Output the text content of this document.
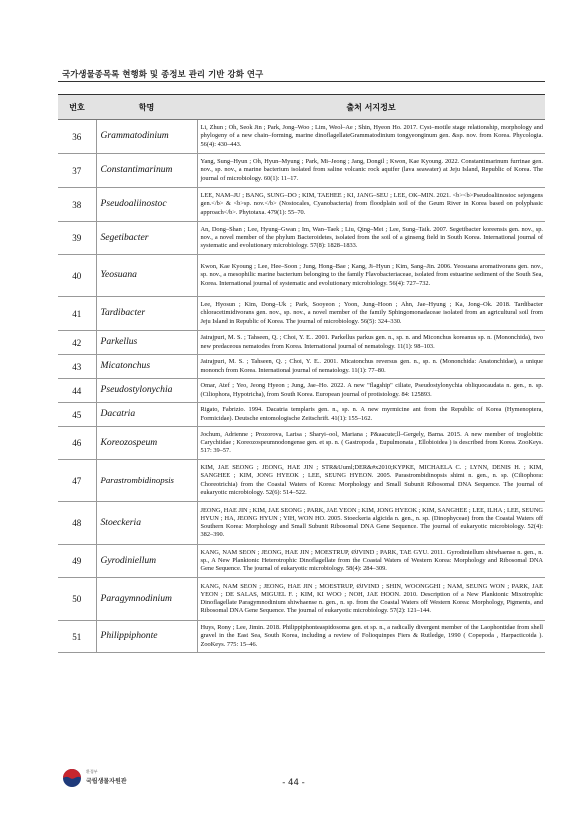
국가생물종목록 현행화 및 종정보 관리 기반 강화 연구
번호	학명	출처 서지정보
36	Grammatodinium	Li, Zhun ; Oh, Seok Jin ; Park, Jong–Woo ; Lim, Weol–Ae ; Shin, Hyeon Ho. 2017. Cyst–motile stage relationship, morphology and phylogeny of a new chain–forming, marine dinoflagellateGrammatodinium tongyeonginum gen. &sp. nov. from Korea. Phycologia. 56(4): 430–443.
37	Constantimarinum	Yang, Sung–Hyun ; Oh, Hyun–Myung ; Park, Mi–Jeong ; Jang, Dongil ; Kwon, Kae Kyoung. 2022. Constantimarinum furrinae gen. nov., sp. nov., a marine bacterium isolated from saline volcanic rock aquifer (lava seawater) at Jeju Island, Republic of Korea. The journal of microbiology. 60(1): 11–17.
38	Pseudoaliinostoc	LEE, NAM–JU ; BANG, SUNG–DO ; KIM, TAEHEE ; KI, JANG–SEU ; LEE, OK–MIN. 2021. <b><b>Pseudoaliinostoc sejongens gen.</b> & <b>sp. nov.</b> (Nostocales, Cyanobacteria) from floodplain soil of the Geum River in Korea based on polyphasic approach</b>. Phytotaxa. 479(1): 55–70.
39	Segetibacter	An, Dong–Shan ; Lee, Hyung–Gwan ; Im, Wan–Taek ; Liu, Qing–Mei ; Lee, Sung–Taik. 2007. Segetibacter koreensis gen. nov., sp. nov., a novel member of the phylum Bacteroidetes, isolated from the soil of a ginseng field in South Korea. International journal of systematic and evolutionary microbiology. 57(8): 1828–1833.
40	Yeosuana	Kwon, Kae Kyoung ; Lee, Hee–Soon ; Jung, Hong–Bae ; Kang, Ji–Hyun ; Kim, Sang–Jin. 2006. Yeosuana aromativorans gen. nov., sp. nov., a mesophilic marine bacterium belonging to the family Flavobacteriaceae, isolated from estuarine sediment of the South Sea, Korea. International journal of systematic and evolutionary microbiology. 56(4): 727–732.
41	Tardibacter	Lee, Hyosun ; Kim, Dong–Uk ; Park, Sooyeon ; Yoon, Jung–Hoon ; Ahn, Jae–Hyung ; Ka, Jong–Ok. 2018. Tardibacter chloracetimidivorans gen. nov., sp. nov., a novel member of the family Sphingomonadaceae isolated from an agricultural soil from Jeju Island in Republic of Korea. The journal of microbiology. 56(5): 324–330.
42	Parkellus	Jairajpuri, M. S. ; Tahseen, Q. ; Choi, Y. E.. 2001. Parkellus parkus gen. n., sp. n. and Miconchus koreanus sp. n. (Mononchida), two new predaceous nematodes from Korea. International journal of nematology. 11(1): 98–103.
43	Micatonchus	Jairajpuri, M. S. ; Tahseen, Q. ; Choi, Y. E.. 2001. Micatonchus reversus gen. n., sp. n. (Mononchida: Anatonchidae), a unique mononch from Korea. International journal of nematology. 11(1): 77–80.
44	Pseudostylonychia	Omar, Atef ; Yeo, Jeong Hyeon ; Jung, Jae–Ho. 2022. A new "flagship" ciliate, Pseudostylonychia obliquocaudata n. gen., n. sp. (Ciliophora, Hypotricha), from South Korea. European journal of protistology. 84: 125893.
45	Dacatria	Rigato, Fabrizio. 1994. Dacatria templaris gen. n., sp. n. A new myrmicine ant from the Republic of Korea (Hymenoptera, Formicidae). Deutsche entomologische Zeitschrift. 41(1): 155–162.
46	Koreozospeum	Jochum, Adrienne ; Prozorova, Larisa ; Sharyi–ool, Mariana ; P&aacute;ll–Gergely, Barna. 2015. A new member of troglobitic Carychiidae ; Koreozospeumnodongense gen. et sp. n. ( Gastropoda , Eupulmonata , Ellobioidea ) is described from Korea. ZooKeys. 517: 39–57.
47	Parastrombidinopsis	KIM, JAE SEONG ; JEONG, HAE JIN ; STR&Uuml;DER&#x2010;KYPKE, MICHAELA C. ; LYNN, DENIS H. ; KIM, SANGHEE ; KIM, JONG HYEOK ; LEE, SEUNG HYEON. 2005. Parastrombidinopsis shimi n. gen., n. sp. (Ciliophora: Choreotrichia) from the Coastal Waters of Korea: Morphology and Small Subunit Ribosomal DNA Sequence. The journal of eukaryotic microbiology. 52(6): 514–522.
48	Stoeckeria	JEONG, HAE JIN ; KIM, JAE SEONG ; PARK, JAE YEON ; KIM, JONG HYEOK ; KIM, SANGHEE ; LEE, ILHA ; LEE, SEUNG HYUN ; HA, JEONG HYUN ; YIH, WON HO. 2005. Stoeckeria algicida n. gen., n. sp. (Dinophyceae) from the Coastal Waters off Southern Korea: Morphology and Small Subunit Ribosomal DNA Gene Sequence. The journal of eukaryotic microbiology. 52(4): 382–390.
49	Gyrodiniellum	KANG, NAM SEON ; JEONG, HAE JIN ; MOESTRUP, ØJVIND ; PARK, TAE GYU. 2011. Gyrodiniellum shiwhaense n. gen., n. sp., A New Planktonic Heterotrophic Dinoflagellate from the Coastal Waters of Western Korea: Morphology and Ribosomal DNA Gene Sequence. The journal of eukaryotic microbiology. 58(4): 284–309.
50	Paragymnodinium	KANG, NAM SEON ; JEONG, HAE JIN ; MOESTRUP, ØJVIND ; SHIN, WOONGGHI ; NAM, SEUNG WON ; PARK, JAE YEON ; DE SALAS, MIGUEL F. ; KIM, KI WOO ; NOH, JAE HOON. 2010. Description of a New Planktonic Mixotrophic Dinoflagellate Paragymnodinium shiwhaense n. gen., n. sp. from the Coastal Waters off Western Korea: Morphology, Pigments, and Ribosomal DNA Gene Sequence. The journal of eukaryotic microbiology. 57(2): 121–144.
51	Philippiphonte	Huys, Rony ; Lee, Jimin. 2018. Philippiphonteaspidosoma gen. et sp. n., a radically divergent member of the Laophontidae from shell gravel in the East Sea, South Korea, including a review of Folioquinpes Fiers & Rutledge, 1990 ( Copepoda , Harpacticoida ). ZooKeys. 775: 15–46.
환경부
국립생물자원관	- 44 -
